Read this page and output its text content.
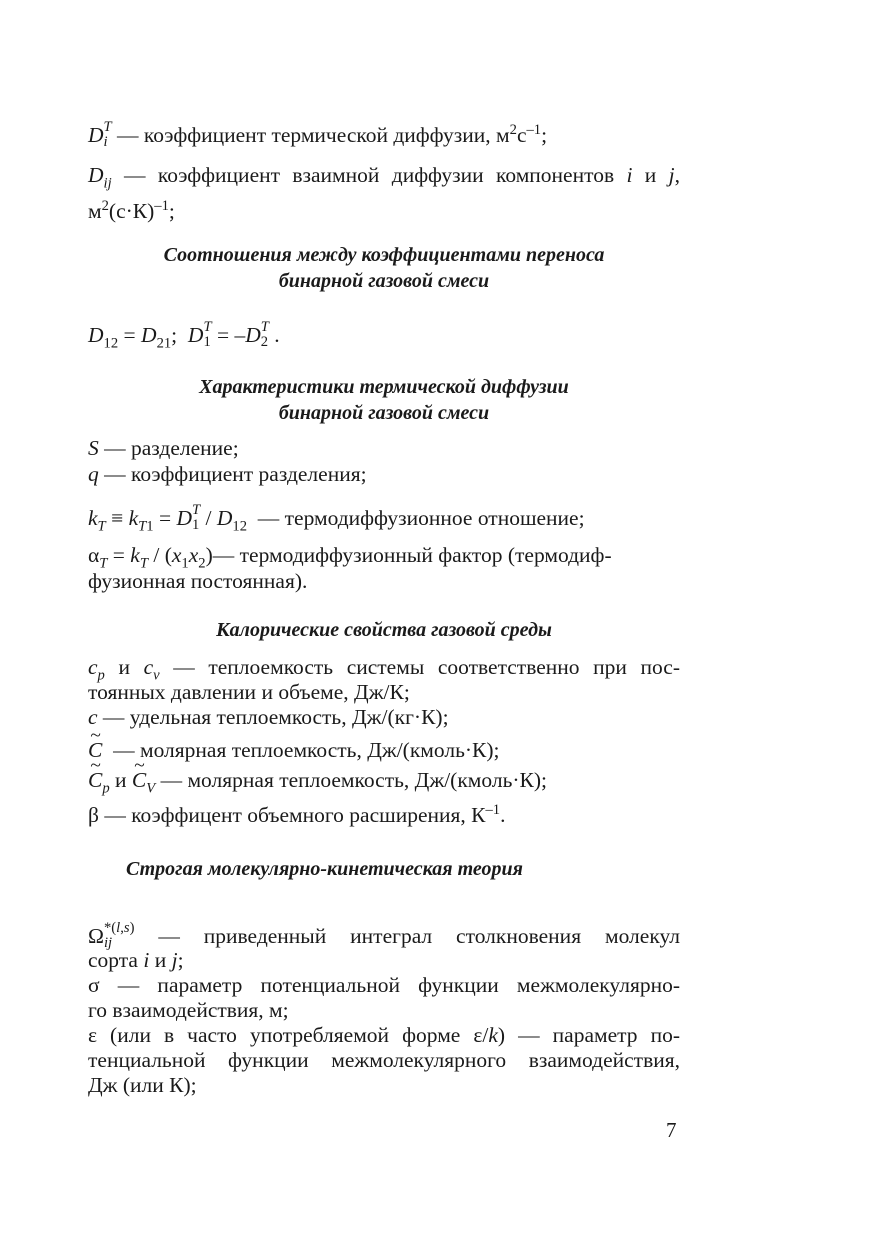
D T
i — коэффициент термической диффузии, $м^2с^{-1}$;
$D_{ij}$ — коэффициент взаимной диффузии компонентов i и j,
$м^2(с\cdot К)^{-1}$;
Соотношения между коэффициентами переноса
бинарной газовой смеси
$D_{12} = D_{21}$;  D T
1 = –D T
2 .
Характеристики термической диффузии
бинарной газовой смеси
S — разделение;
q — коэффициент разделения;
$k_T \equiv k_{T1} = D$ T
$1 / D_{12}$ — термодиффузионное отношение;
$\alpha_T = k_T$ / $(x_1x_2)—$ термодиффузионный фактор (термодиф-
фузионная постоянная).
Калорические свойства газовой среды
$c_p$ и $c_v$ — теплоемкость системы соответственно при пос-
тоянных давлении и объеме, Дж/К;
c — удельная теплоемкость, Дж/(кг·К);
~ C — молярная теплоемкость, Дж/(кмоль·К);
~ $C_p$ и ~ $C_V$ — молярная теплоемкость, Дж/(кмоль·К);
β — коэффицент объемного расширения, $К^{-1}$.
Строгая молекулярно-кинетическая теория
Ω *(l,s)
ij	— приведенный интеграл столкновения молекул
сорта i и j;
σ — параметр потенциальной функции межмолекулярно-
го взаимодействия, м;
ε (или в часто употребляемой форме ε/k) — параметр по-
тенциальной функции межмолекулярного взаимодействия,
Дж (или К);
7
